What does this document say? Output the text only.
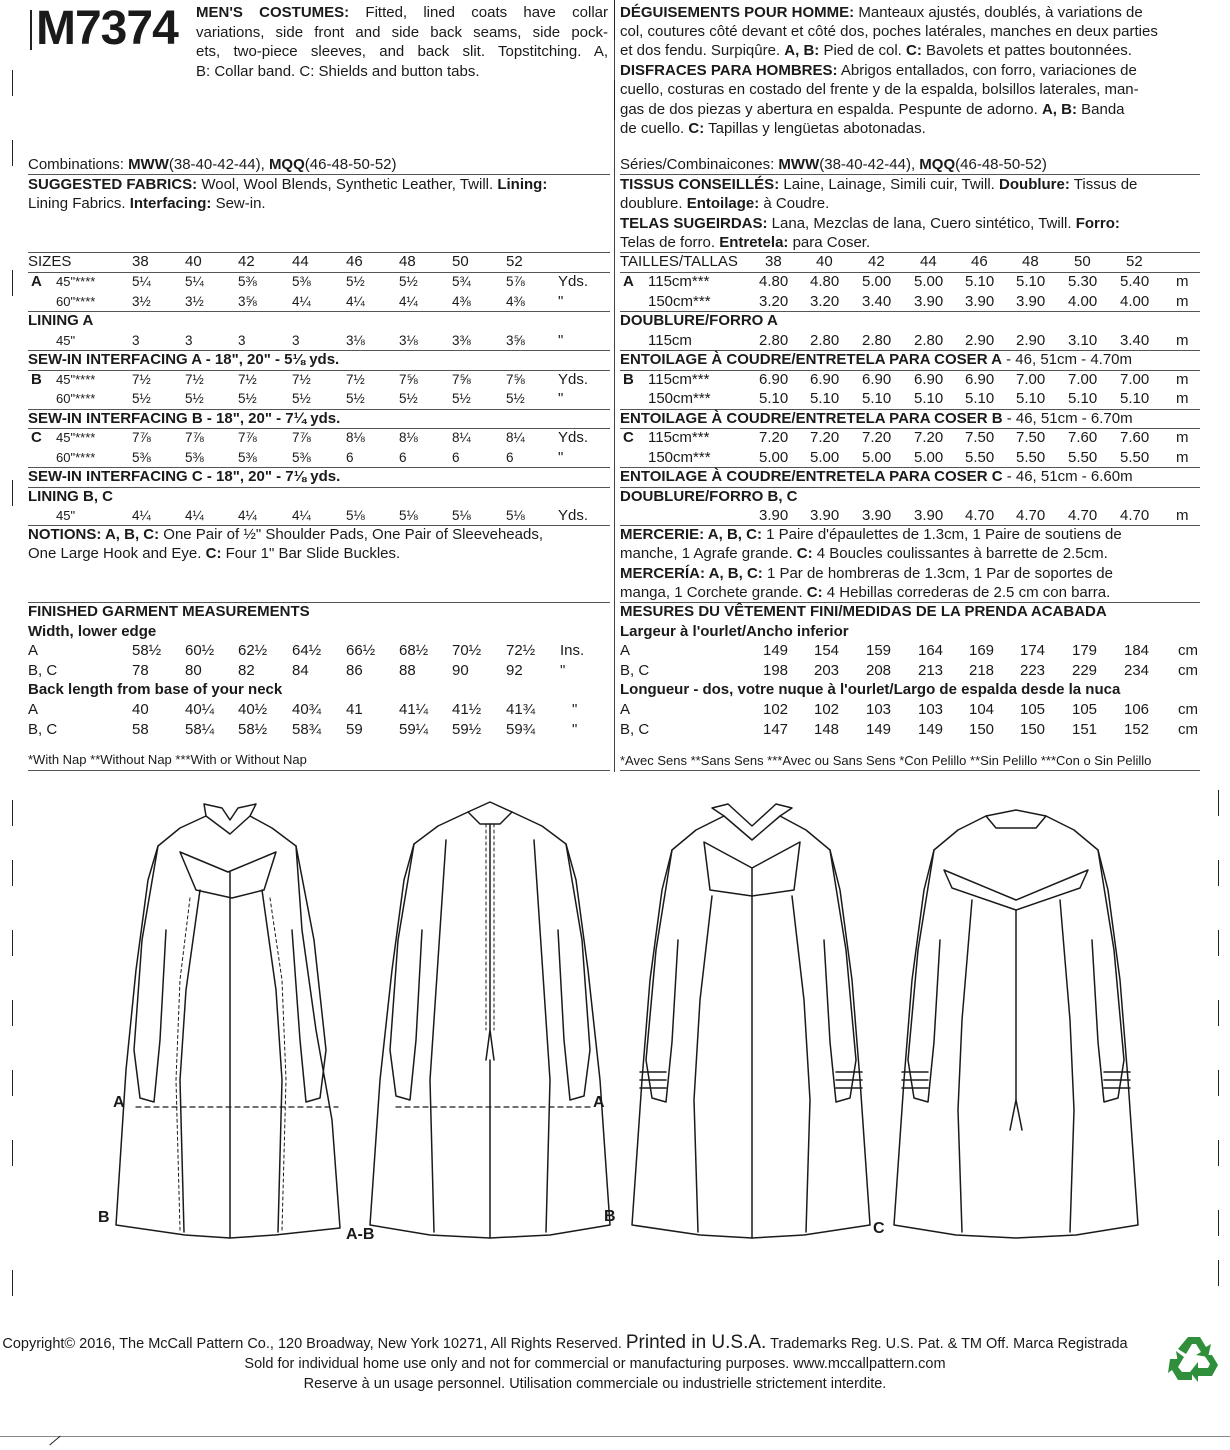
M7374 MEN'S COSTUMES: Fitted, lined coats have collar
variations, side front and side back seams, side pock-
ets, two-piece sleeves, and back slit. Topstitching. A,
B: Collar band. C: Shields and button tabs.
Combinations: MWW(38-40-42-44), MQQ(46-48-50-52)
SUGGESTED FABRICS: Wool, Wool Blends, Synthetic Leather, Twill. Lining:
Lining Fabrics. Interfacing: Sew-in.
SIZES	38 40 42 44 46 48 50 52
A 45"****	5¼	5¼	5⅜	5⅜	5½	5½	5¾	5⅞ Yds.
60"****	3½	3½	3⅝	4¼	4¼	4¼	4⅜	4⅜ "
LINING A
45"	3	3	3	3	3⅛	3⅛	3⅜	3⅝ "
SEW-IN INTERFACING A - 18", 20" - 5⅛ yds.
B 45"****	7½	7½	7½	7½	7½	7⅝	7⅝	7⅝ Yds.
60"****	5½	5½	5½	5½	5½	5½	5½	5½ "
SEW-IN INTERFACING B - 18", 20" - 7¼ yds.
C 45"****	7⅞	7⅞	7⅞	7⅞	8⅛	8⅛	8¼	8¼ Yds.
60"****	5⅜	5⅜	5⅜	5⅜	6	6	6	6	"
SEW-IN INTERFACING C - 18", 20" - 7⅛ yds.
LINING B, C
45"	4¼	4¼	4¼	4¼	5⅛	5⅛	5⅛	5⅛ Yds.
NOTIONS: A, B, C: One Pair of ½" Shoulder Pads, One Pair of Sleeveheads,
One Large Hook and Eye. C: Four 1" Bar Slide Buckles.
FINISHED GARMENT MEASUREMENTS
Width, lower edge
A	58½ 60½ 62½ 64½ 66½ 68½ 70½ 72½ Ins.
B, C	78 80 82 84 86 88 90 92 "
Back length from base of your neck
A	40 40¼ 40½ 40¾ 41 41¼ 41½ 41¾ "
B, C	58 58¼ 58½ 58¾ 59 59¼ 59½ 59¾ "
*With Nap **Without Nap ***With or Without Nap
DÉGUISEMENTS POUR HOMME: Manteaux ajustés, doublés, à variations de
col, coutures côté devant et côté dos, poches latérales, manches en deux parties
et dos fendu. Surpiqûre. A, B: Pied de col. C: Bavolets et pattes boutonnées.
DISFRACES PARA HOMBRES: Abrigos entallados, con forro, variaciones de
cuello, costuras en costado del frente y de la espalda, bolsillos laterales, man-
gas de dos piezas y abertura en espalda. Pespunte de adorno. A, B: Banda
de cuello. C: Tapillas y lengüetas abotonadas.
Séries/Combinaicones: MWW(38-40-42-44), MQQ(46-48-50-52)
TISSUS CONSEILLÉS: Laine, Lainage, Simili cuir, Twill. Doublure: Tissus de
doublure. Entoilage: à Coudre.
TELAS SUGEIRDAS: Lana, Mezclas de lana, Cuero sintético, Twill. Forro:
Telas de forro. Entretela: para Coser.
TAILLES/TALLAS 38 40 42 44 46 48 50 52
A 115cm***	4.80 4.80 5.00 5.00 5.10 5.10 5.30 5.40 m
150cm***	3.20 3.20 3.40 3.90 3.90 3.90 4.00 4.00 m
DOUBLURE/FORRO A
115cm	2.80 2.80 2.80 2.80 2.90 2.90 3.10 3.40 m
ENTOILAGE À COUDRE/ENTRETELA PARA COSER A - 46, 51cm - 4.70m
B 115cm***	6.90 6.90 6.90 6.90 6.90 7.00 7.00 7.00 m
150cm***	5.10 5.10 5.10 5.10 5.10 5.10 5.10 5.10 m
ENTOILAGE À COUDRE/ENTRETELA PARA COSER B - 46, 51cm - 6.70m
C 115cm***	7.20 7.20 7.20 7.20 7.50 7.50 7.60 7.60 m
150cm***	5.00 5.00 5.00 5.00 5.50 5.50 5.50 5.50 m
ENTOILAGE À COUDRE/ENTRETELA PARA COSER C - 46, 51cm - 6.60m
DOUBLURE/FORRO B, C
3.90 3.90 3.90 3.90 4.70 4.70 4.70 4.70 m
MERCERIE: A, B, C: 1 Paire d'épaulettes de 1.3cm, 1 Paire de soutiens de
manche, 1 Agrafe grande. C: 4 Boucles coulissantes à barrette de 2.5cm.
MERCERÍA: A, B, C: 1 Par de hombreras de 1.3cm, 1 Par de soportes de
manga, 1 Corchete grande. C: 4 Hebillas correderas de 2.5 cm con barra.
MESURES DU VÊTEMENT FINI/MEDIDAS DE LA PRENDA ACABADA
Largeur à l'ourlet/Ancho inferior
A	149 154 159 164 169 174 179 184 cm
B, C	198 203 208 213 218 223 229 234 cm
Longueur - dos, votre nuque à l'ourlet/Largo de espalda desde la nuca
A	102 102 103 103 104 105 105 106 cm
B, C	147 148 149 149 150 150 151 152 cm
*Avec Sens **Sans Sens ***Avec ou Sans Sens *Con Pelillo **Sin Pelillo ***Con o Sin Pelillo
A
B
A-B
A
B
C
Copyright© 2016, The McCall Pattern Co., 120 Broadway, New York 10271, All Rights Reserved. Printed in U.S.A. Trademarks Reg. U.S. Pat. & TM Off. Marca Registrada
Sold for individual home use only and not for commercial or manufacturing purposes. www.mccallpattern.com
Reserve à un usage personnel. Utilisation commerciale ou industrielle strictement interdite.
